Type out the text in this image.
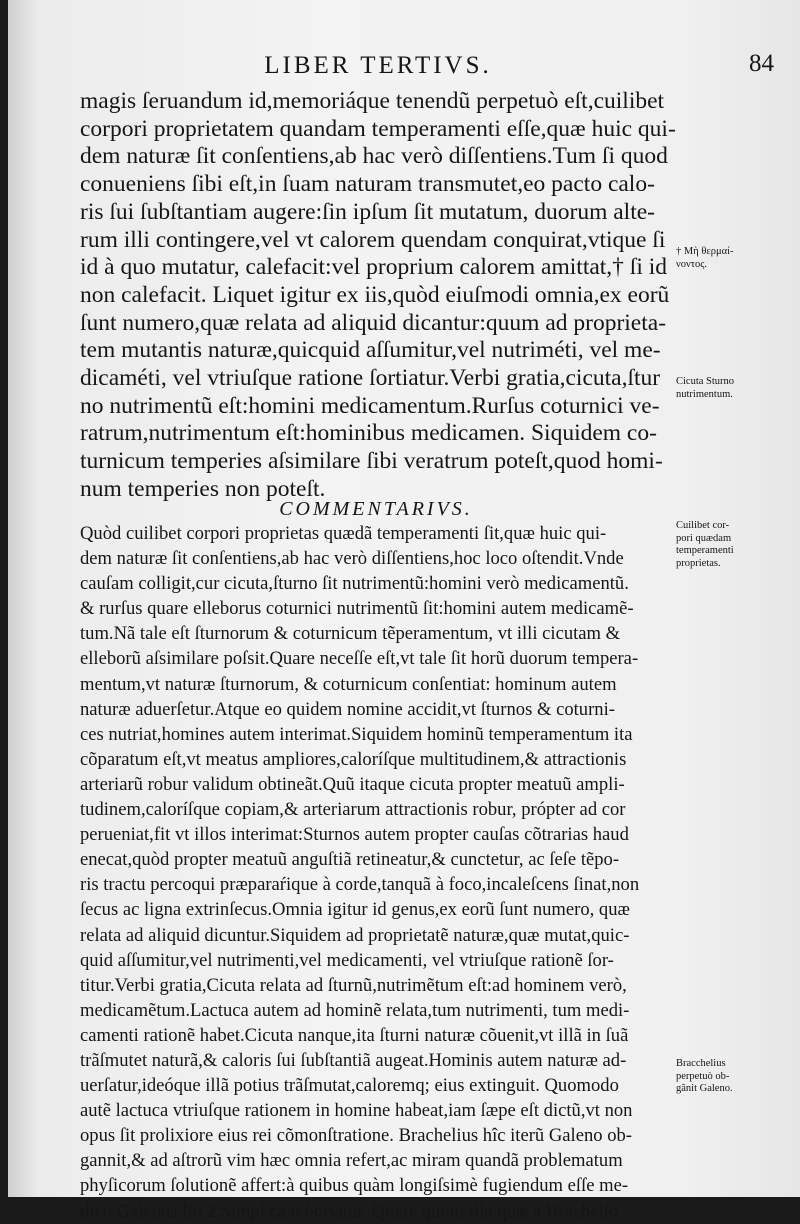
LIBER TERTIVS.	84
magis ſeruandum id,memoriáque tenendũ perpetuò eſt,cuilibet
corpori proprietatem quandam temperamenti eſſe,quæ huic qui-
dem naturæ ſit conſentiens,ab hac verò diſſentiens.Tum ſi quod
conueniens ſibi eſt,in ſuam naturam transmutet,eo pacto calo-
ris ſui ſubſtantiam augere:ſin ipſum ſit mutatum, duorum alte-
rum illi contingere,vel vt calorem quendam conquirat,vtique ſi
id à quo mutatur, calefacit:vel proprium calorem amittat,† ſi id
non calefacit. Liquet igitur ex iis,quòd eiuſmodi omnia,ex eorũ
ſunt numero,quæ relata ad aliquid dicantur:quum ad proprieta-
tem mutantis naturæ,quicquid aſſumitur,vel nutriméti, vel me-
dicaméti, vel vtriuſque ratione ſortiatur.Verbi gratia,cicuta,ſtur
no nutrimentũ eſt:homini medicamentum.Rurſus coturnici ve-
ratrum,nutrimentum eſt:hominibus medicamen. Siquidem co-
turnicum temperies aſsimilare ſibi veratrum poteſt,quod homi-
num temperies non poteſt.
COMMENTARIVS.
Quòd cuilibet corpori proprietas quædã temperamenti ſit,quæ huic qui-
dem naturæ ſit conſentiens,ab hac verò diſſentiens,hoc loco oſtendit.Vnde
cauſam colligit,cur cicuta,ſturno ſit nutrimentũ:homini verò medicamentũ.
& rurſus quare elleborus coturnici nutrimentũ ſit:homini autem medicamẽ-
tum.Nã tale eſt ſturnorum & coturnicum tẽperamentum, vt illi cicutam &
elleborũ aſsimilare poſsit.Quare neceſſe eſt,vt tale ſit horũ duorum tempera-
mentum,vt naturæ ſturnorum, & coturnicum conſentiat: hominum autem
naturæ aduerſetur.Atque eo quidem nomine accidit,vt ſturnos & coturni-
ces nutriat,homines autem interimat.Siquidem hominũ temperamentum ita
cõparatum eſt,vt meatus ampliores,caloríſque multitudinem,& attractionis
arteriarũ robur validum obtineãt.Quũ itaque cicuta propter meatuũ ampli-
tudinem,caloríſque copiam,& arteriarum attractionis robur, própter ad cor
perueniat,fit vt illos interimat:Sturnos autem propter cauſas cõtrarias haud
enecat,quòd propter meatuũ anguſtiã retineatur,& cunctetur, ac ſeſe tẽpo-
ris tractu percoqui præparaŕique à corde,tanquã à foco,incaleſcens ſinat,non
ſecus ac ligna extrinſecus.Omnia igitur id genus,ex eorũ ſunt numero, quæ
relata ad aliquid dicuntur.Siquidem ad proprietatẽ naturæ,quæ mutat,quic-
quid aſſumitur,vel nutrimenti,vel medicamenti, vel vtriuſque rationẽ ſor-
titur.Verbi gratia,Cicuta relata ad ſturnũ,nutrimẽtum eſt:ad hominem verò,
medicamẽtum.Lactuca autem ad hominẽ relata,tum nutrimenti, tum medi-
camenti rationẽ habet.Cicuta nanque,ita ſturni naturæ cõuenit,vt illã in ſuã
trãſmutet naturã,& caloris ſui ſubſtantiã augeat.Hominis autem naturæ ad-
uerſatur,ideóque illã potius trãſmutat,caloremq; eius extinguit. Quomodo
autẽ lactuca vtriuſque rationem in homine habeat,iam ſæpe eſt dictũ,vt non
opus ſit prolixiore eius rei cõmonſtratione. Brachelius hîc iterũ Galeno ob-
gannit,& ad aſtrorũ vim hæc omnia refert,ac miram quandã problematum
phyſicorum ſolutionẽ affert:à quibus quàm longiſsimè fugiendum eſſe me-
dico Galenus lib.2.Simpl.ca.6.hortatur. Quare quum illa quæ à Brachelio
† Μὴ θερμαί-
νοντος.
Cicuta Sturno
nutrimentum.
Cuilibet cor-
pori quædam
temperamenti
proprietas.
Bracchelius
perpetuò ob-
gãnit Galeno.
